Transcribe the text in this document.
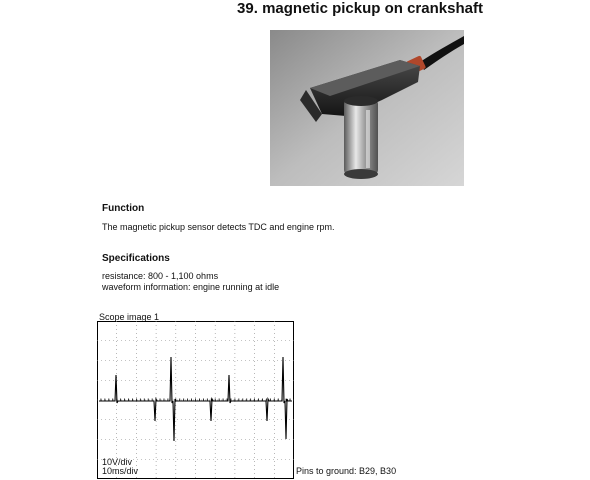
39. magnetic pickup on crankshaft
Function
The magnetic pickup sensor detects TDC and engine rpm.
Specifications
resistance: 800 - 1,100 ohms
waveform information: engine running at idle
Scope image 1
10V/div
10ms/div	Pins to ground: B29, B30
